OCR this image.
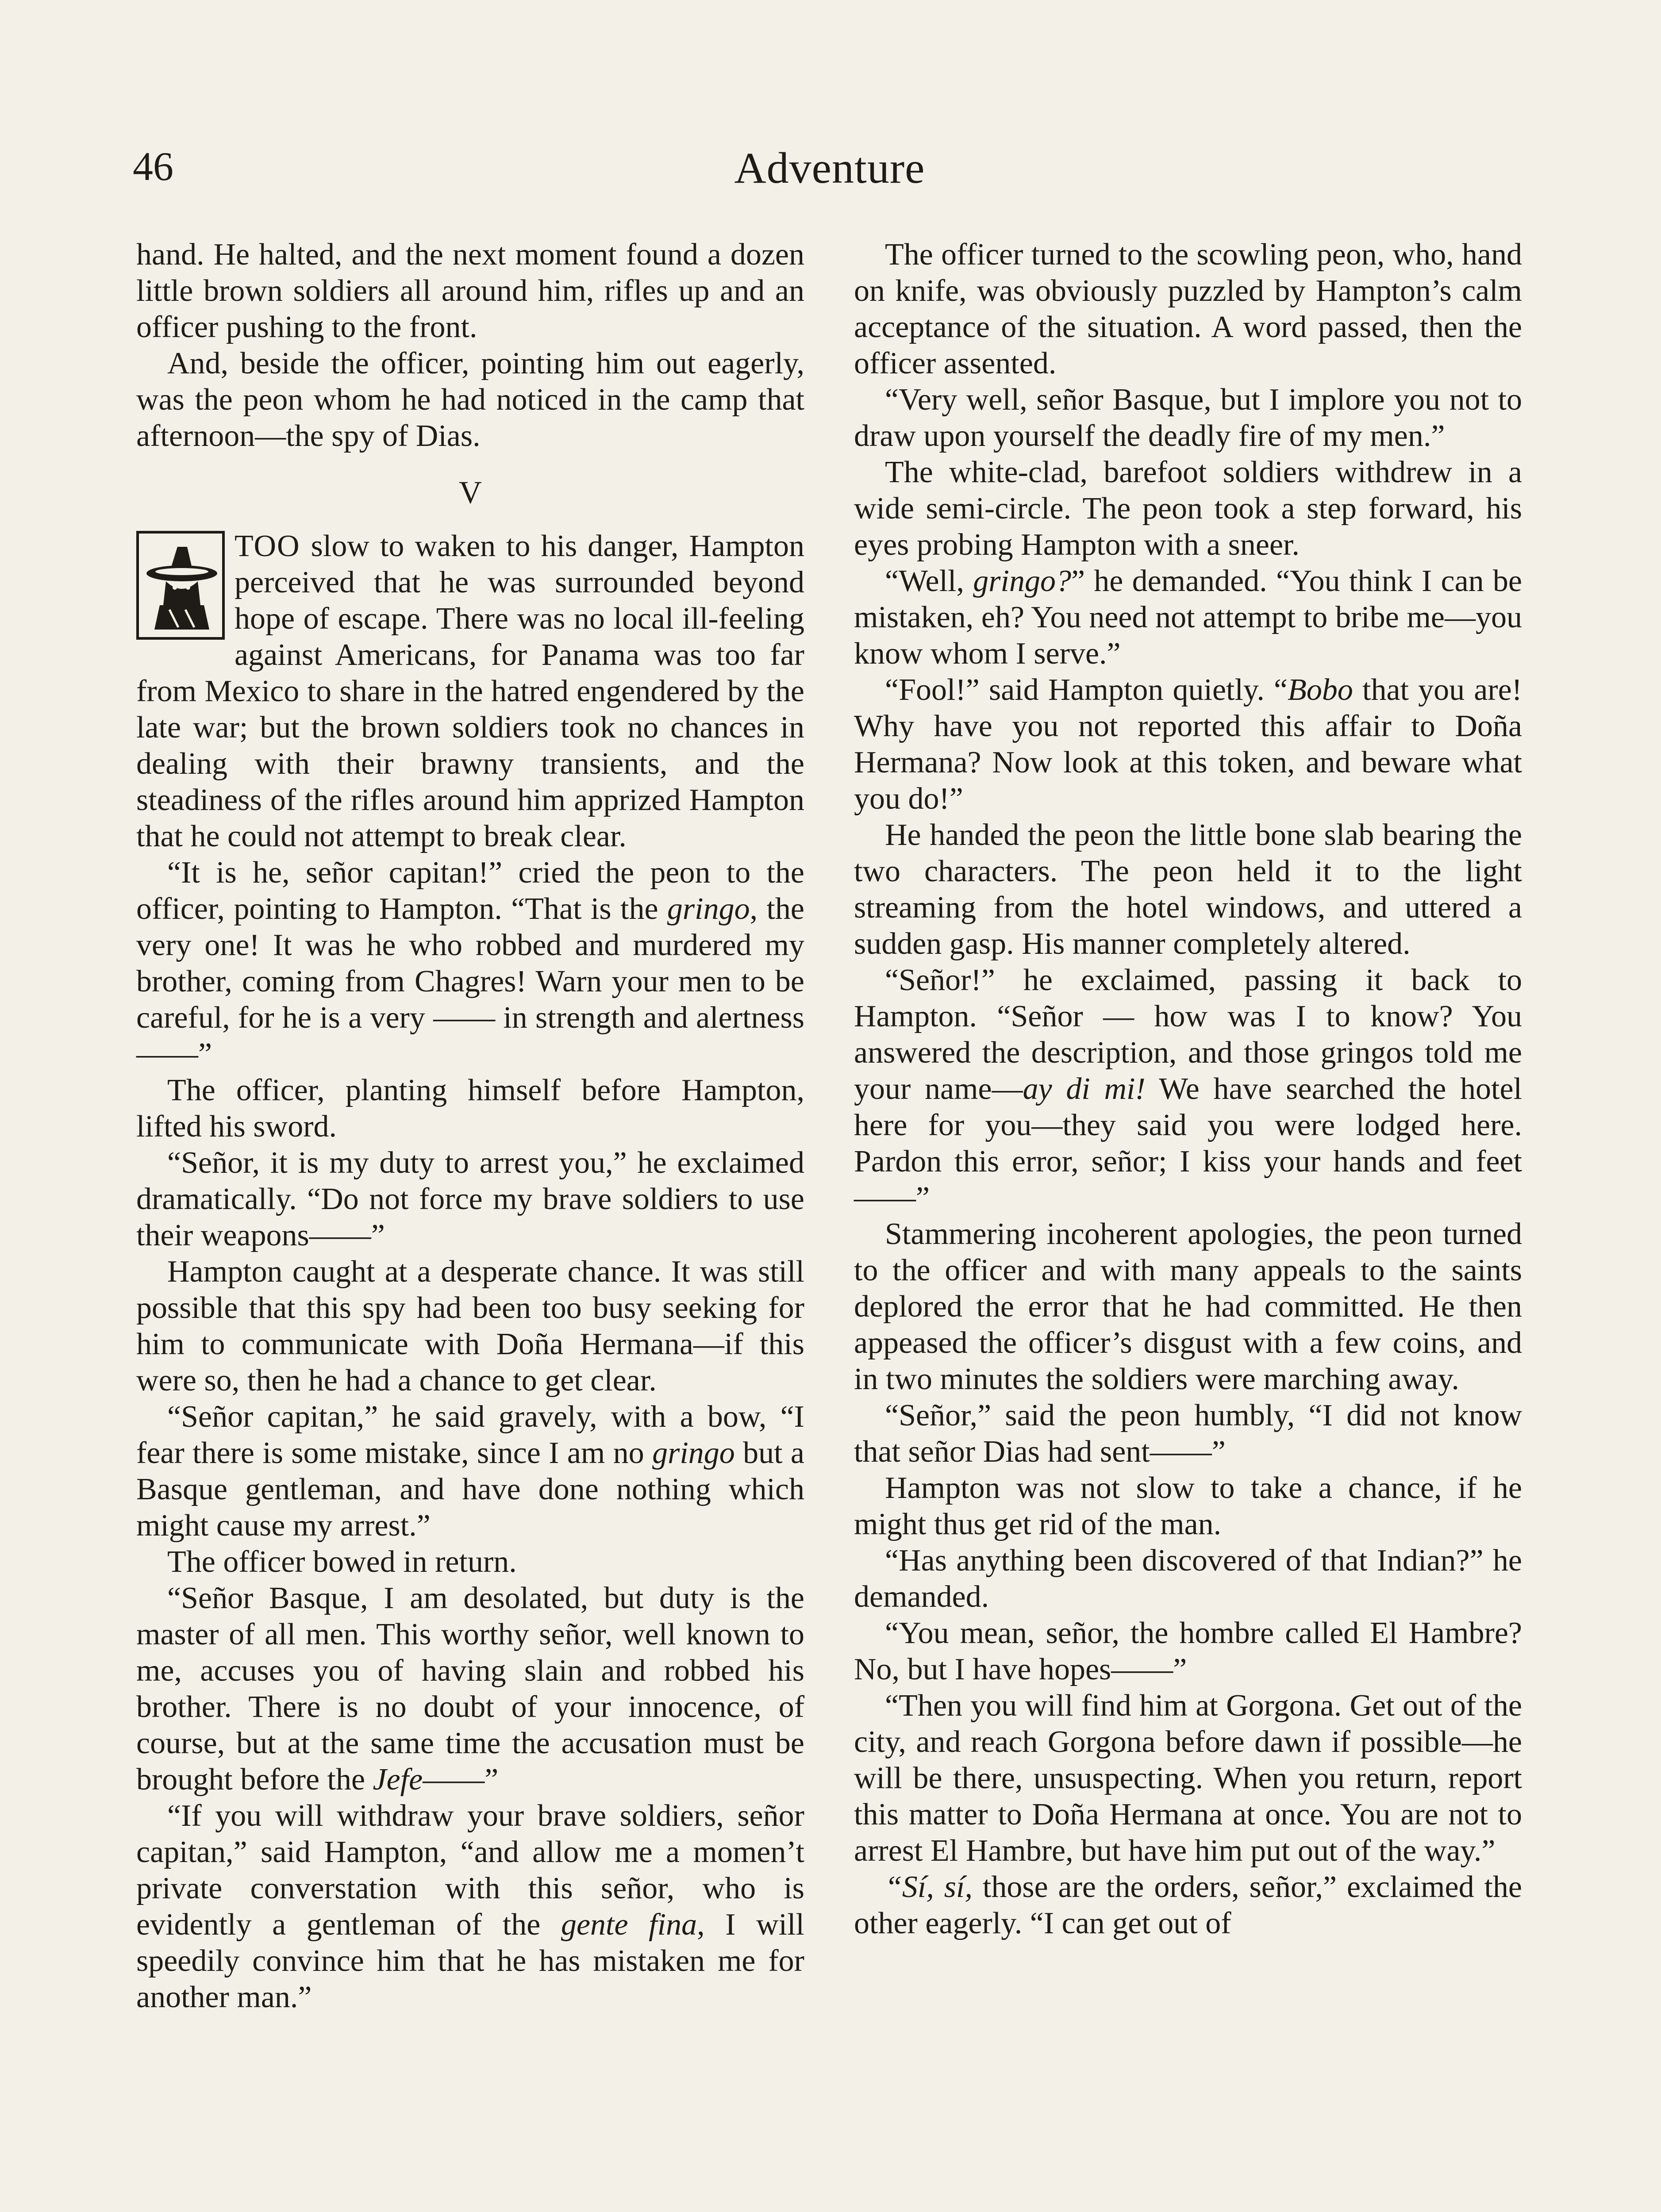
46	Adventure

hand. He halted, and the next moment found a dozen little brown soldiers all around him, rifles up and an officer pushing to the front.

And, beside the officer, pointing him out eagerly, was the peon whom he had noticed in the camp that afternoon—the spy of Dias.

V

TOO slow to waken to his danger, Hampton perceived that he was surrounded beyond hope of escape. There was no local ill-feeling against Americans, for Panama was too far from Mexico to share in the hatred engendered by the late war; but the brown soldiers took no chances in dealing with their brawny transients, and the steadiness of the rifles around him apprized Hampton that he could not attempt to break clear.

“It is he, señor capitan!” cried the peon to the officer, pointing to Hampton. “That is the gringo, the very one! It was he who robbed and murdered my brother, coming from Chagres! Warn your men to be careful, for he is a very —— in strength and alertness——”

The officer, planting himself before Hampton, lifted his sword.

“Señor, it is my duty to arrest you,” he exclaimed dramatically. “Do not force my brave soldiers to use their weapons——”

Hampton caught at a desperate chance. It was still possible that this spy had been too busy seeking for him to communicate with Doña Hermana—if this were so, then he had a chance to get clear.

“Señor capitan,” he said gravely, with a bow, “I fear there is some mistake, since I am no gringo but a Basque gentleman, and have done nothing which might cause my arrest.”

The officer bowed in return.

“Señor Basque, I am desolated, but duty is the master of all men. This worthy señor, well known to me, accuses you of having slain and robbed his brother. There is no doubt of your innocence, of course, but at the same time the accusation must be brought before the Jefe——”

“If you will withdraw your brave soldiers, señor capitan,” said Hampton, “and allow me a momen’t private converstation with this señor, who is evidently a gentleman of the gente fina, I will speedily convince him that he has mistaken me for another man.”

The officer turned to the scowling peon, who, hand on knife, was obviously puzzled by Hampton’s calm acceptance of the situation. A word passed, then the officer assented.

“Very well, señor Basque, but I implore you not to draw upon yourself the deadly fire of my men.”

The white-clad, barefoot soldiers withdrew in a wide semi-circle. The peon took a step forward, his eyes probing Hampton with a sneer.

“Well, gringo?” he demanded. “You think I can be mistaken, eh? You need not attempt to bribe me—you know whom I serve.”

“Fool!” said Hampton quietly. “Bobo that you are! Why have you not reported this affair to Doña Hermana? Now look at this token, and beware what you do!”

He handed the peon the little bone slab bearing the two characters. The peon held it to the light streaming from the hotel windows, and uttered a sudden gasp. His manner completely altered.

“Señor!” he exclaimed, passing it back to Hampton. “Señor — how was I to know? You answered the description, and those gringos told me your name—ay di mi! We have searched the hotel here for you—they said you were lodged here. Pardon this error, señor; I kiss your hands and feet——”

Stammering incoherent apologies, the peon turned to the officer and with many appeals to the saints deplored the error that he had committed. He then appeased the officer’s disgust with a few coins, and in two minutes the soldiers were marching away.

“Señor,” said the peon humbly, “I did not know that señor Dias had sent——”

Hampton was not slow to take a chance, if he might thus get rid of the man.

“Has anything been discovered of that Indian?” he demanded.

“You mean, señor, the hombre called El Hambre? No, but I have hopes——”

“Then you will find him at Gorgona. Get out of the city, and reach Gorgona before dawn if possible—he will be there, unsuspecting. When you return, report this matter to Doña Hermana at once. You are not to arrest El Hambre, but have him put out of the way.”

“Sí, sí, those are the orders, señor,” exclaimed the other eagerly. “I can get out of
